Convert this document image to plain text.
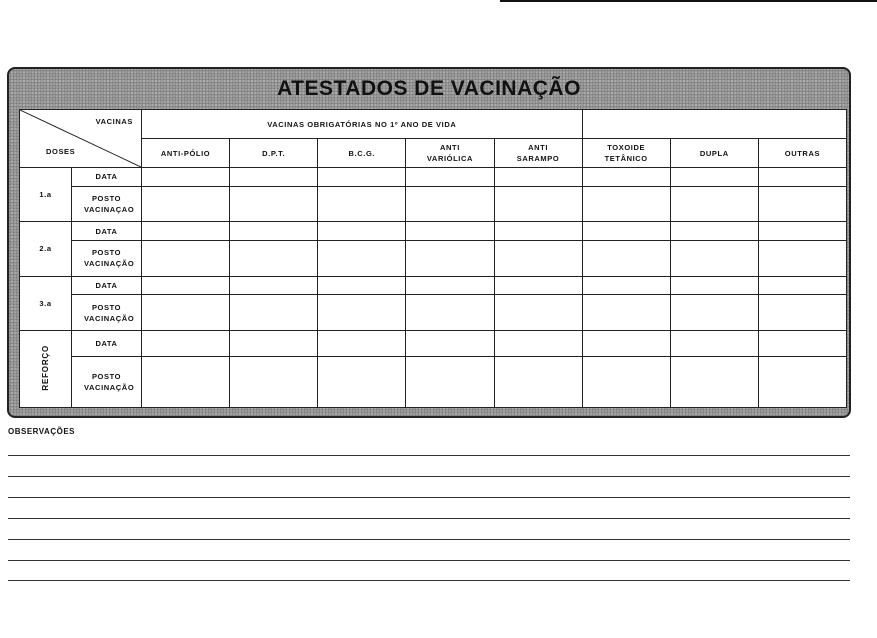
ATESTADOS DE VACINAÇÃO
VACINAS
DOSES		VACINAS OBRIGATÓRIAS NO 1º ANO DE VIDA							
		ANTI-PÓLIO	D.P.T.	B.C.G.	ANTI VARIÓLICA	ANTI SARAMPO	TOXOIDE TETÂNICO	DUPLA	OUTRAS
1.a	DATA								
	POSTO VACINAÇAO								
2.a	DATA								
	POSTO VACINAÇÃO								
3.a	DATA								
	POSTO VACINAÇÃO								
REFORÇO	DATA								
	POSTO VACINAÇÃO								
OBSERVAÇÕES
